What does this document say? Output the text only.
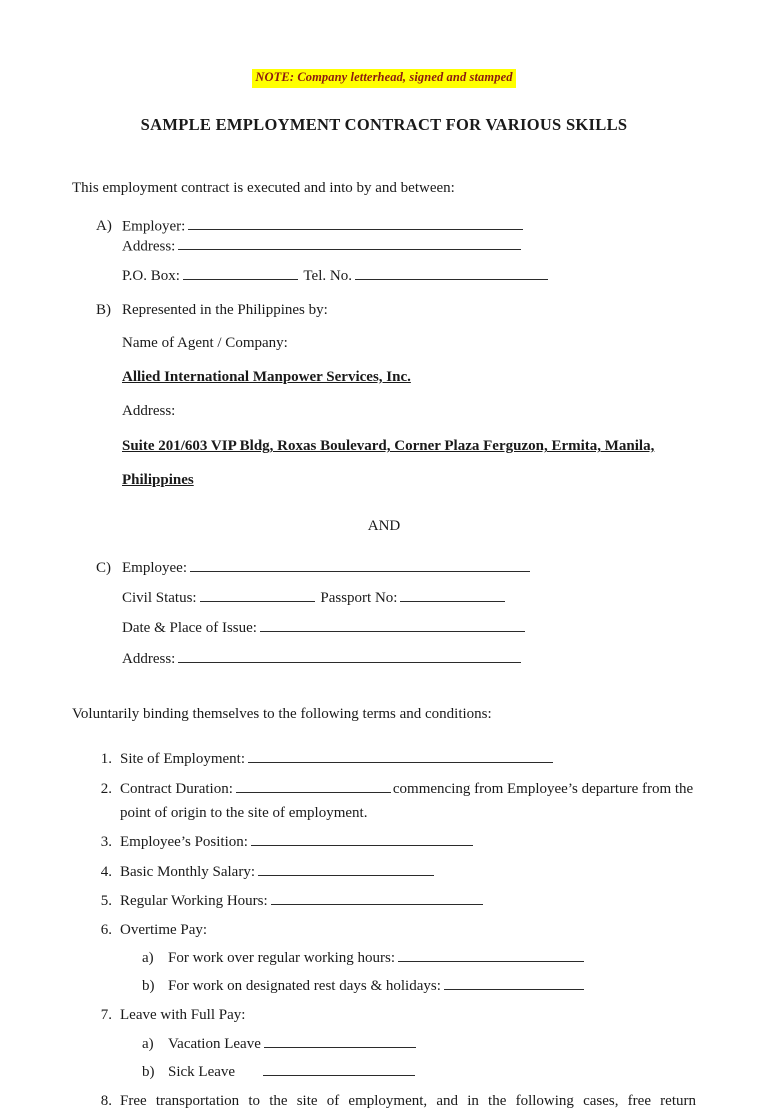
NOTE: Company letterhead, signed and stamped
SAMPLE EMPLOYMENT CONTRACT FOR VARIOUS SKILLS
This employment contract is executed and into by and between:
A) Employer:
Address:
P.O. Box:	Tel. No.
B) Represented in the Philippines by:
Name of Agent / Company:
Allied International Manpower Services, Inc.
Address:
Suite 201/603 VIP Bldg, Roxas Boulevard, Corner Plaza Ferguzon, Ermita, Manila,
Philippines
AND
C) Employee:
Civil Status:	Passport No:
Date & Place of Issue:
Address:
Voluntarily binding themselves to the following terms and conditions:
1. Site of Employment:
2. Contract Duration:	commencing from Employee’s departure from the point of origin to the site of employment.
3. Employee’s Position:
4. Basic Monthly Salary:
5. Regular Working Hours:
6. Overtime Pay:
a) For work over regular working hours:
b) For work on designated rest days & holidays:
7. Leave with Full Pay:
a) Vacation Leave
b) Sick Leave
8. Free transportation to the site of employment, and in the following cases, free return
